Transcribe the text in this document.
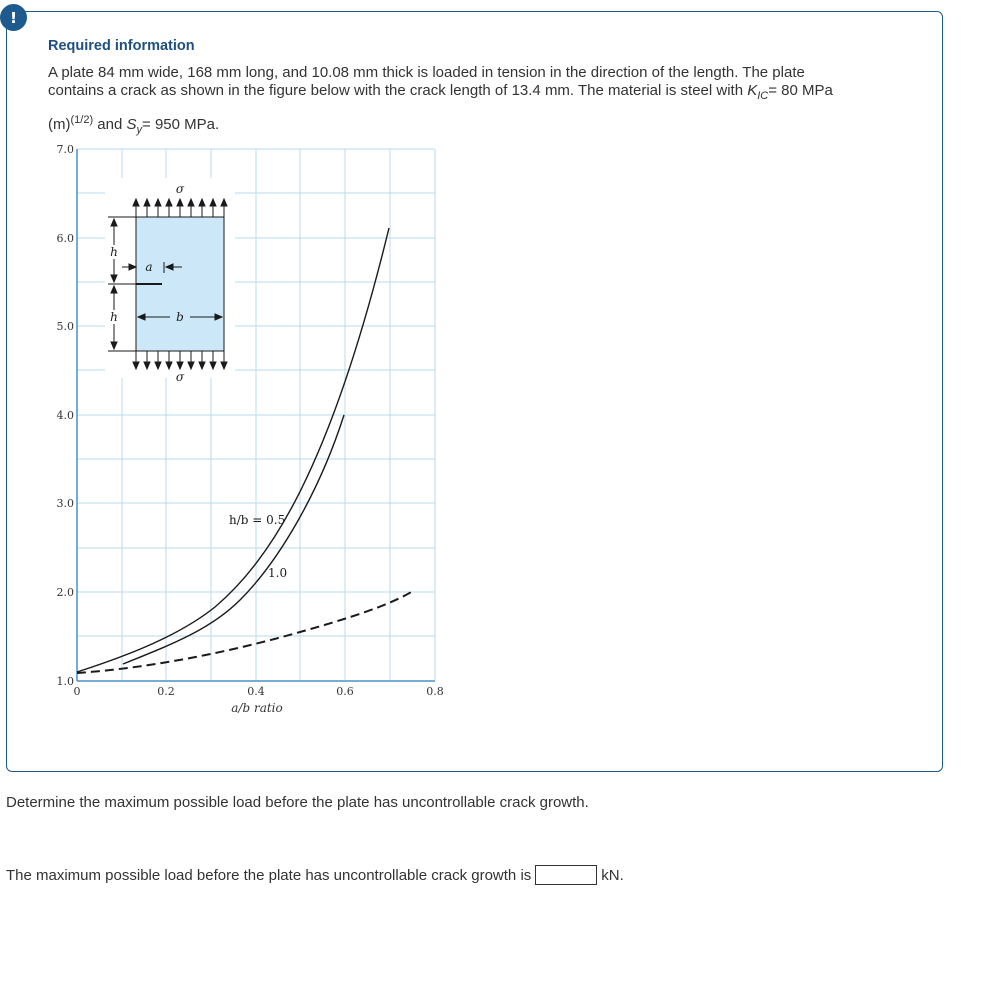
!
Required information

A plate 84 mm wide, 168 mm long, and 10.08 mm thick is loaded in tension in the direction of the length. The plate

contains a crack as shown in the figure below with the crack length of 13.4 mm. The material is steel with $K_{IC}= 80$ MPa

$(m)^{(1/2)}$ and $S_y= 950$ MPa.

7.0
6.0
5.0
4.0
3.0
2.0
1.0
0	0.2	0.4	0.6	0.8
a/b ratio
h/b = 0.5
1.0
σ
σ
h
h
a
b
Determine the maximum possible load before the plate has uncontrollable crack growth.
The maximum possible load before the plate has uncontrollable crack growth is	kN.
